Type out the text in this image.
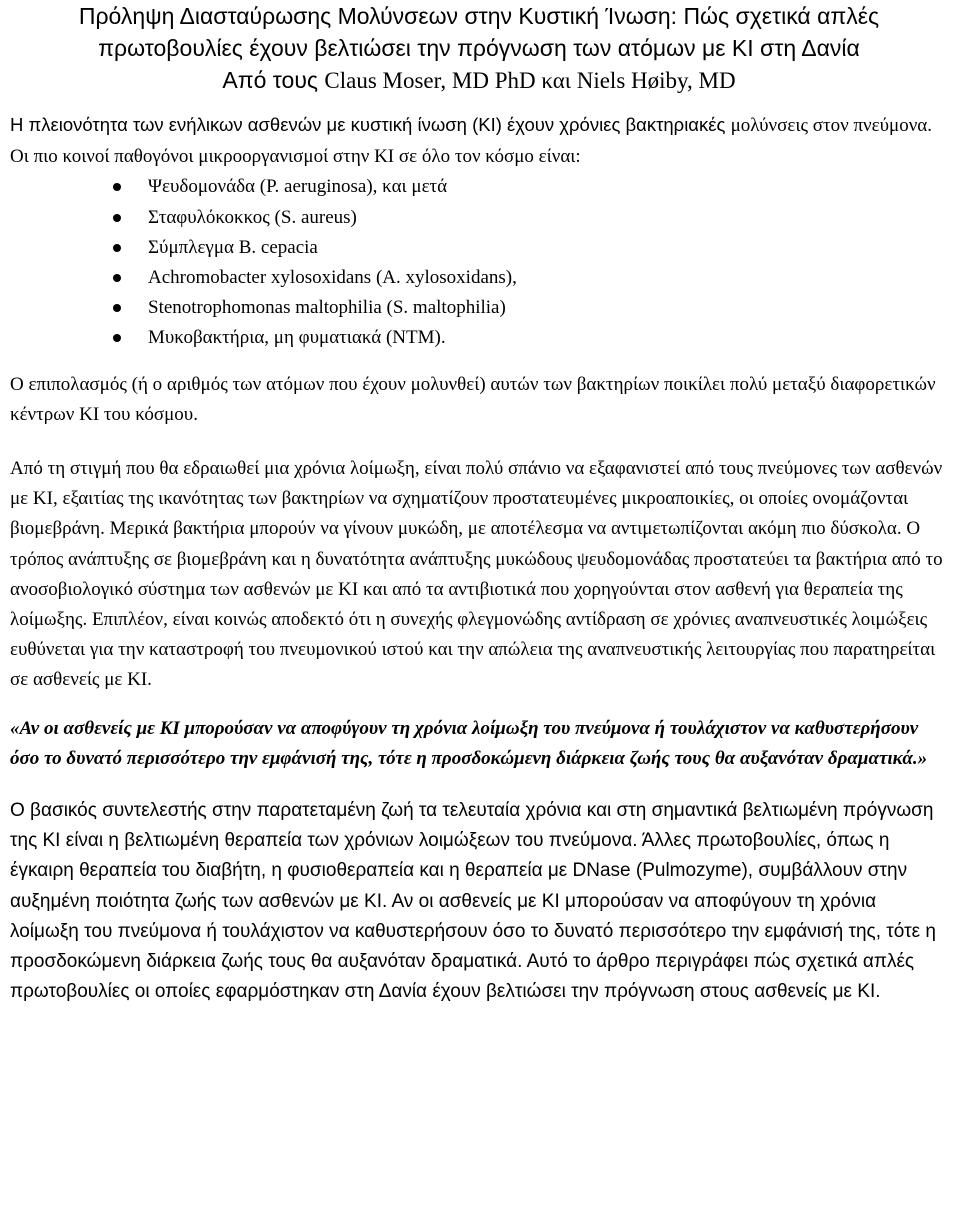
Πρόληψη Διασταύρωσης Μολύνσεων στην Κυστική Ίνωση: Πώς σχετικά απλές πρωτοβουλίες έχουν βελτιώσει την πρόγνωση των ατόμων με ΚΙ στη Δανία
Από τους Claus Moser, MD PhD και Niels Høiby, MD

Η πλειονότητα των ενήλικων ασθενών με κυστική ίνωση (ΚΙ) έχουν χρόνιες βακτηριακές μολύνσεις στον πνεύμονα. Οι πιο κοινοί παθογόνοι μικροοργανισμοί στην ΚΙ σε όλο τον κόσμο είναι:

Ψευδομονάδα (P. aeruginosa), και μετά
Σταφυλόκοκκος (S. aureus)
Σύμπλεγμα B. cepacia
Achromobacter xylosoxidans (A. xylosoxidans),
Stenotrophomonas maltophilia (S. maltophilia)
Μυκοβακτήρια, μη φυματιακά (NTM).

Ο επιπολασμός (ή ο αριθμός των ατόμων που έχουν μολυνθεί) αυτών των βακτηρίων ποικίλει πολύ μεταξύ διαφορετικών κέντρων ΚΙ του κόσμου.

Από τη στιγμή που θα εδραιωθεί μια χρόνια λοίμωξη, είναι πολύ σπάνιο να εξαφανιστεί από τους πνεύμονες των ασθενών με ΚΙ, εξαιτίας της ικανότητας των βακτηρίων να σχηματίζουν προστατευμένες μικροαποικίες, οι οποίες ονομάζονται βιομεβράνη. Μερικά βακτήρια μπορούν να γίνουν μυκώδη, με αποτέλεσμα να αντιμετωπίζονται ακόμη πιο δύσκολα. Ο τρόπος ανάπτυξης σε βιομεβράνη και η δυνατότητα ανάπτυξης μυκώδους ψευδομονάδας προστατεύει τα βακτήρια από το ανοσοβιολογικό σύστημα των ασθενών με ΚΙ και από τα αντιβιοτικά που χορηγούνται στον ασθενή για θεραπεία της λοίμωξης. Επιπλέον, είναι κοινώς αποδεκτό ότι η συνεχής φλεγμονώδης αντίδραση σε χρόνιες αναπνευστικές λοιμώξεις ευθύνεται για την καταστροφή του πνευμονικού ιστού και την απώλεια της αναπνευστικής λειτουργίας που παρατηρείται σε ασθενείς με ΚΙ.

«Αν οι ασθενείς με ΚΙ μπορούσαν να αποφύγουν τη χρόνια λοίμωξη του πνεύμονα ή τουλάχιστον να καθυστερήσουν όσο το δυνατό περισσότερο την εμφάνισή της, τότε η προσδοκώμενη διάρκεια ζωής τους θα αυξανόταν δραματικά.»

Ο βασικός συντελεστής στην παρατεταμένη ζωή τα τελευταία χρόνια και στη σημαντικά βελτιωμένη πρόγνωση της ΚΙ είναι η βελτιωμένη θεραπεία των χρόνιων λοιμώξεων του πνεύμονα. Άλλες πρωτοβουλίες, όπως η έγκαιρη θεραπεία του διαβήτη, η φυσιοθεραπεία και η θεραπεία με DNase (Pulmozyme), συμβάλλουν στην αυξημένη ποιότητα ζωής των ασθενών με ΚΙ. Αν οι ασθενείς με ΚΙ μπορούσαν να αποφύγουν τη χρόνια λοίμωξη του πνεύμονα ή τουλάχιστον να καθυστερήσουν όσο το δυνατό περισσότερο την εμφάνισή της, τότε η προσδοκώμενη διάρκεια ζωής τους θα αυξανόταν δραματικά. Αυτό το άρθρο περιγράφει πώς σχετικά απλές πρωτοβουλίες οι οποίες εφαρμόστηκαν στη Δανία έχουν βελτιώσει την πρόγνωση στους ασθενείς με ΚΙ.
